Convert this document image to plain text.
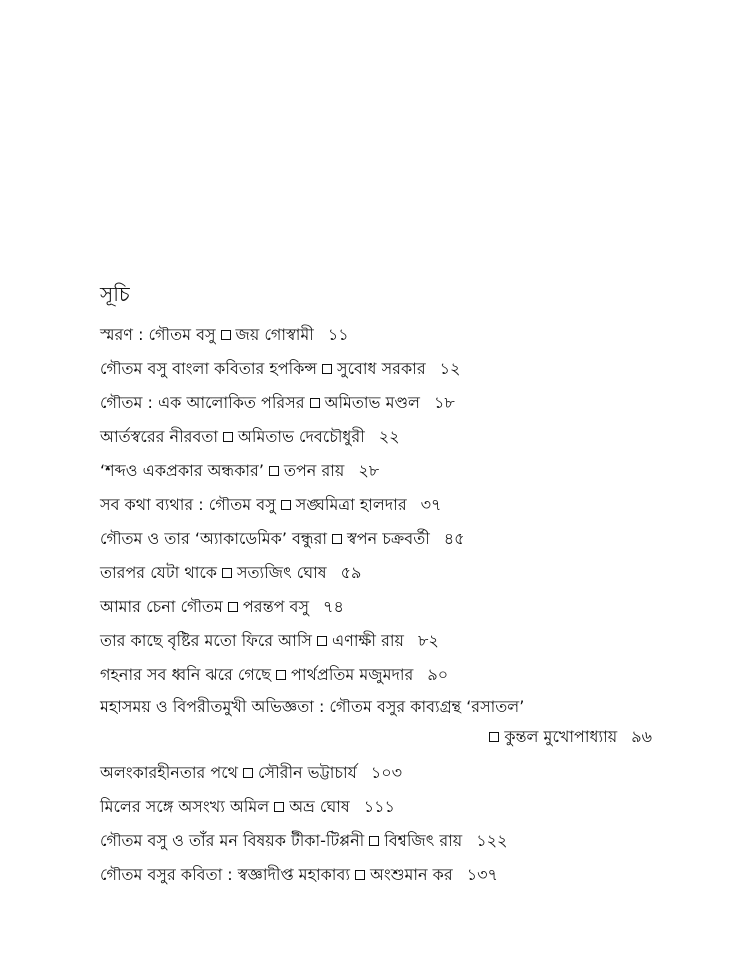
সূচি
স্মরণ : গৌতম বসু জয় গোস্বামী ১১
গৌতম বসু বাংলা কবিতার হপকিন্স সুবোধ সরকার ১২
গৌতম : এক আলোকিত পরিসর অমিতাভ মণ্ডল ১৮
আর্তস্বরের নীরবতা অমিতাভ দেবচৌধুরী ২২
‘শব্দও একপ্রকার অন্ধকার’ তপন রায় ২৮
সব কথা ব্যথার : গৌতম বসু সঙ্ঘমিত্রা হালদার ৩৭
গৌতম ও তার ‘অ্যাকাডেমিক’ বন্ধুরা স্বপন চক্রবর্তী ৪৫
তারপর যেটা থাকে সত্যজিৎ ঘোষ ৫৯
আমার চেনা গৌতম পরন্তপ বসু ৭৪
তার কাছে বৃষ্টির মতো ফিরে আসি এণাক্ষী রায় ৮২
গহনার সব ধ্বনি ঝরে গেছে পার্থপ্রতিম মজুমদার ৯০
মহাসময় ও বিপরীতমুখী অভিজ্ঞতা : গৌতম বসুর কাব্যগ্রন্থ ‘রসাতল’
কুন্তল মুখোপাধ্যায় ৯৬
অলংকারহীনতার পথে সৌরীন ভট্টাচার্য ১০৩
মিলের সঙ্গে অসংখ্য অমিল অভ্র ঘোষ ১১১
গৌতম বসু ও তাঁর মন বিষয়ক টীকা-টিপ্পনী বিশ্বজিৎ রায় ১২২
গৌতম বসুর কবিতা : স্বজ্ঞাদীপ্ত মহাকাব্য অংশুমান কর ১৩৭
